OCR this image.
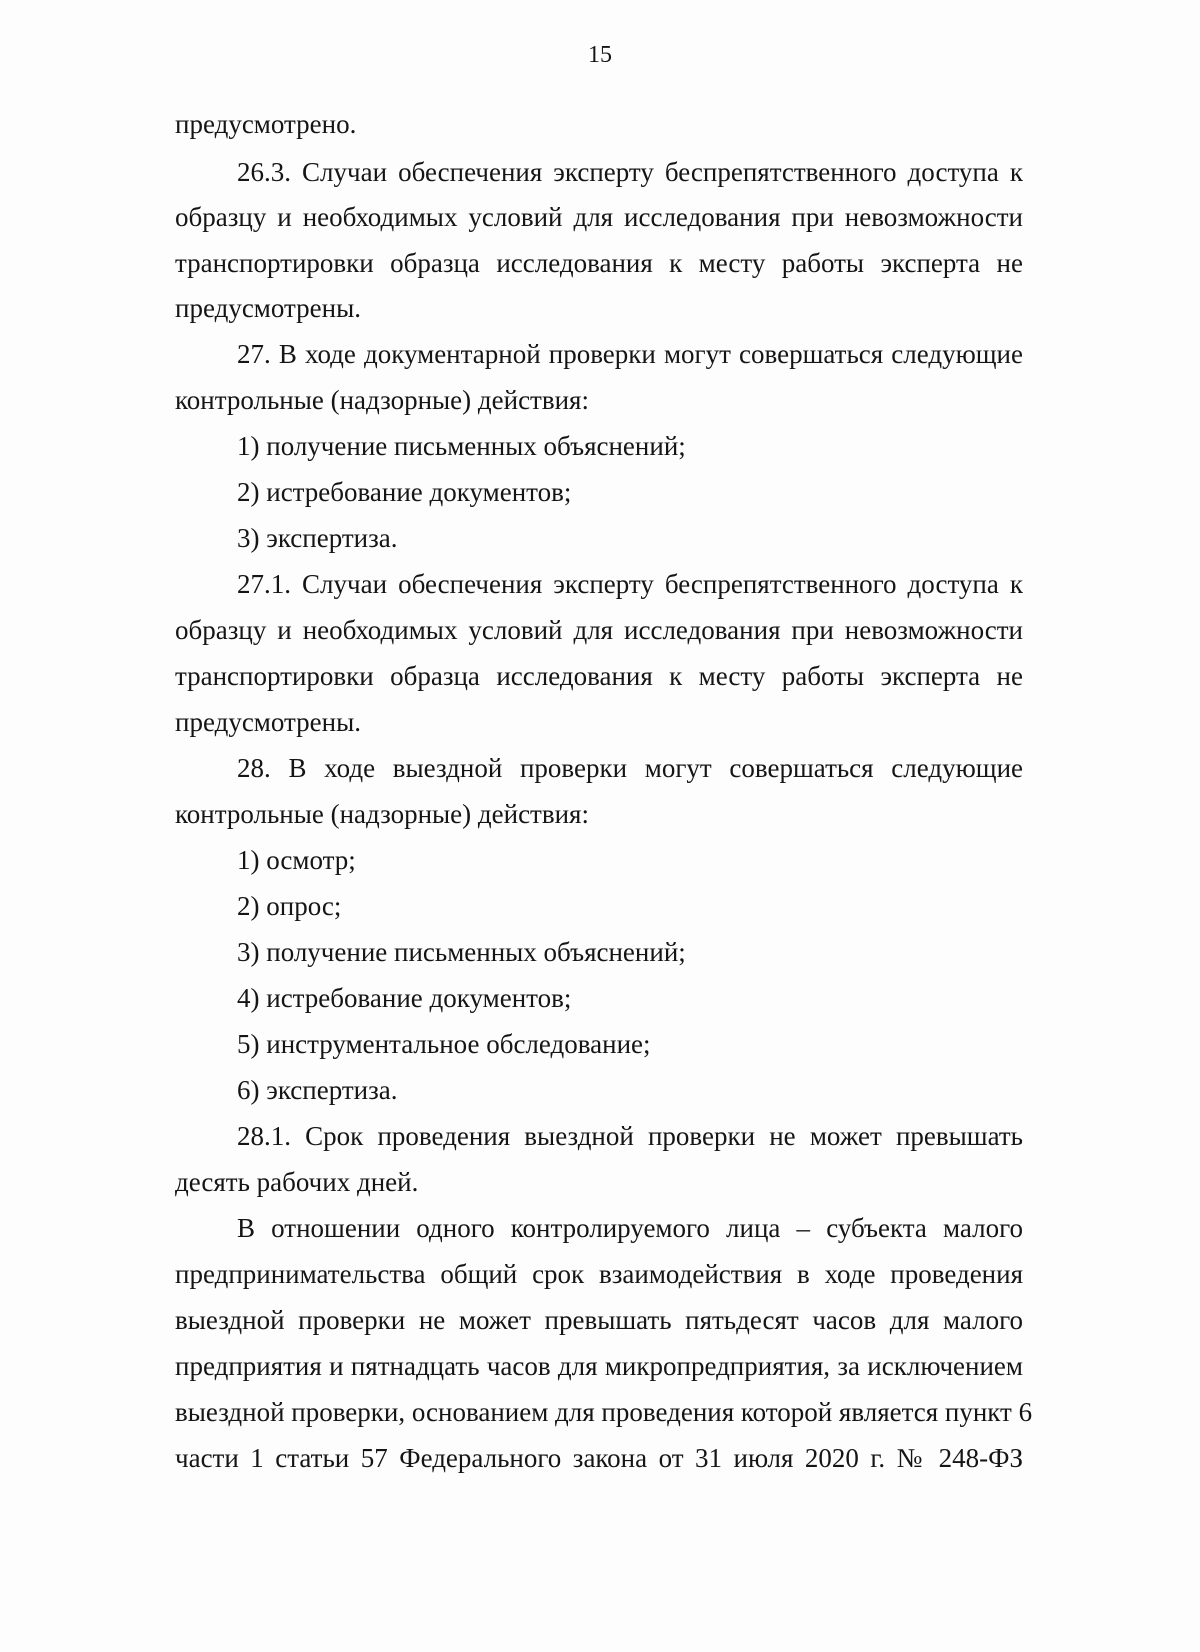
15
предусмотрено.
26.3. Случаи обеспечения эксперту беспрепятственного доступа к
образцу и необходимых условий для исследования при невозможности
транспортировки образца исследования к месту работы эксперта не
предусмотрены.
27. В ходе документарной проверки могут совершаться следующие
контрольные (надзорные) действия:
1) получение письменных объяснений;
2) истребование документов;
3) экспертиза.
27.1. Случаи обеспечения эксперту беспрепятственного доступа к
образцу и необходимых условий для исследования при невозможности
транспортировки образца исследования к месту работы эксперта не
предусмотрены.
28. В ходе выездной проверки могут совершаться следующие
контрольные (надзорные) действия:
1) осмотр;
2) опрос;
3) получение письменных объяснений;
4) истребование документов;
5) инструментальное обследование;
6) экспертиза.
28.1. Срок проведения выездной проверки не может превышать
десять рабочих дней.
В отношении одного контролируемого лица – субъекта малого
предпринимательства общий срок взаимодействия в ходе проведения
выездной проверки не может превышать пятьдесят часов для малого
предприятия и пятнадцать часов для микропредприятия, за исключением
выездной проверки, основанием для проведения которой является пункт 6
части 1 статьи 57 Федерального закона от 31 июля 2020 г. № 248-ФЗ
